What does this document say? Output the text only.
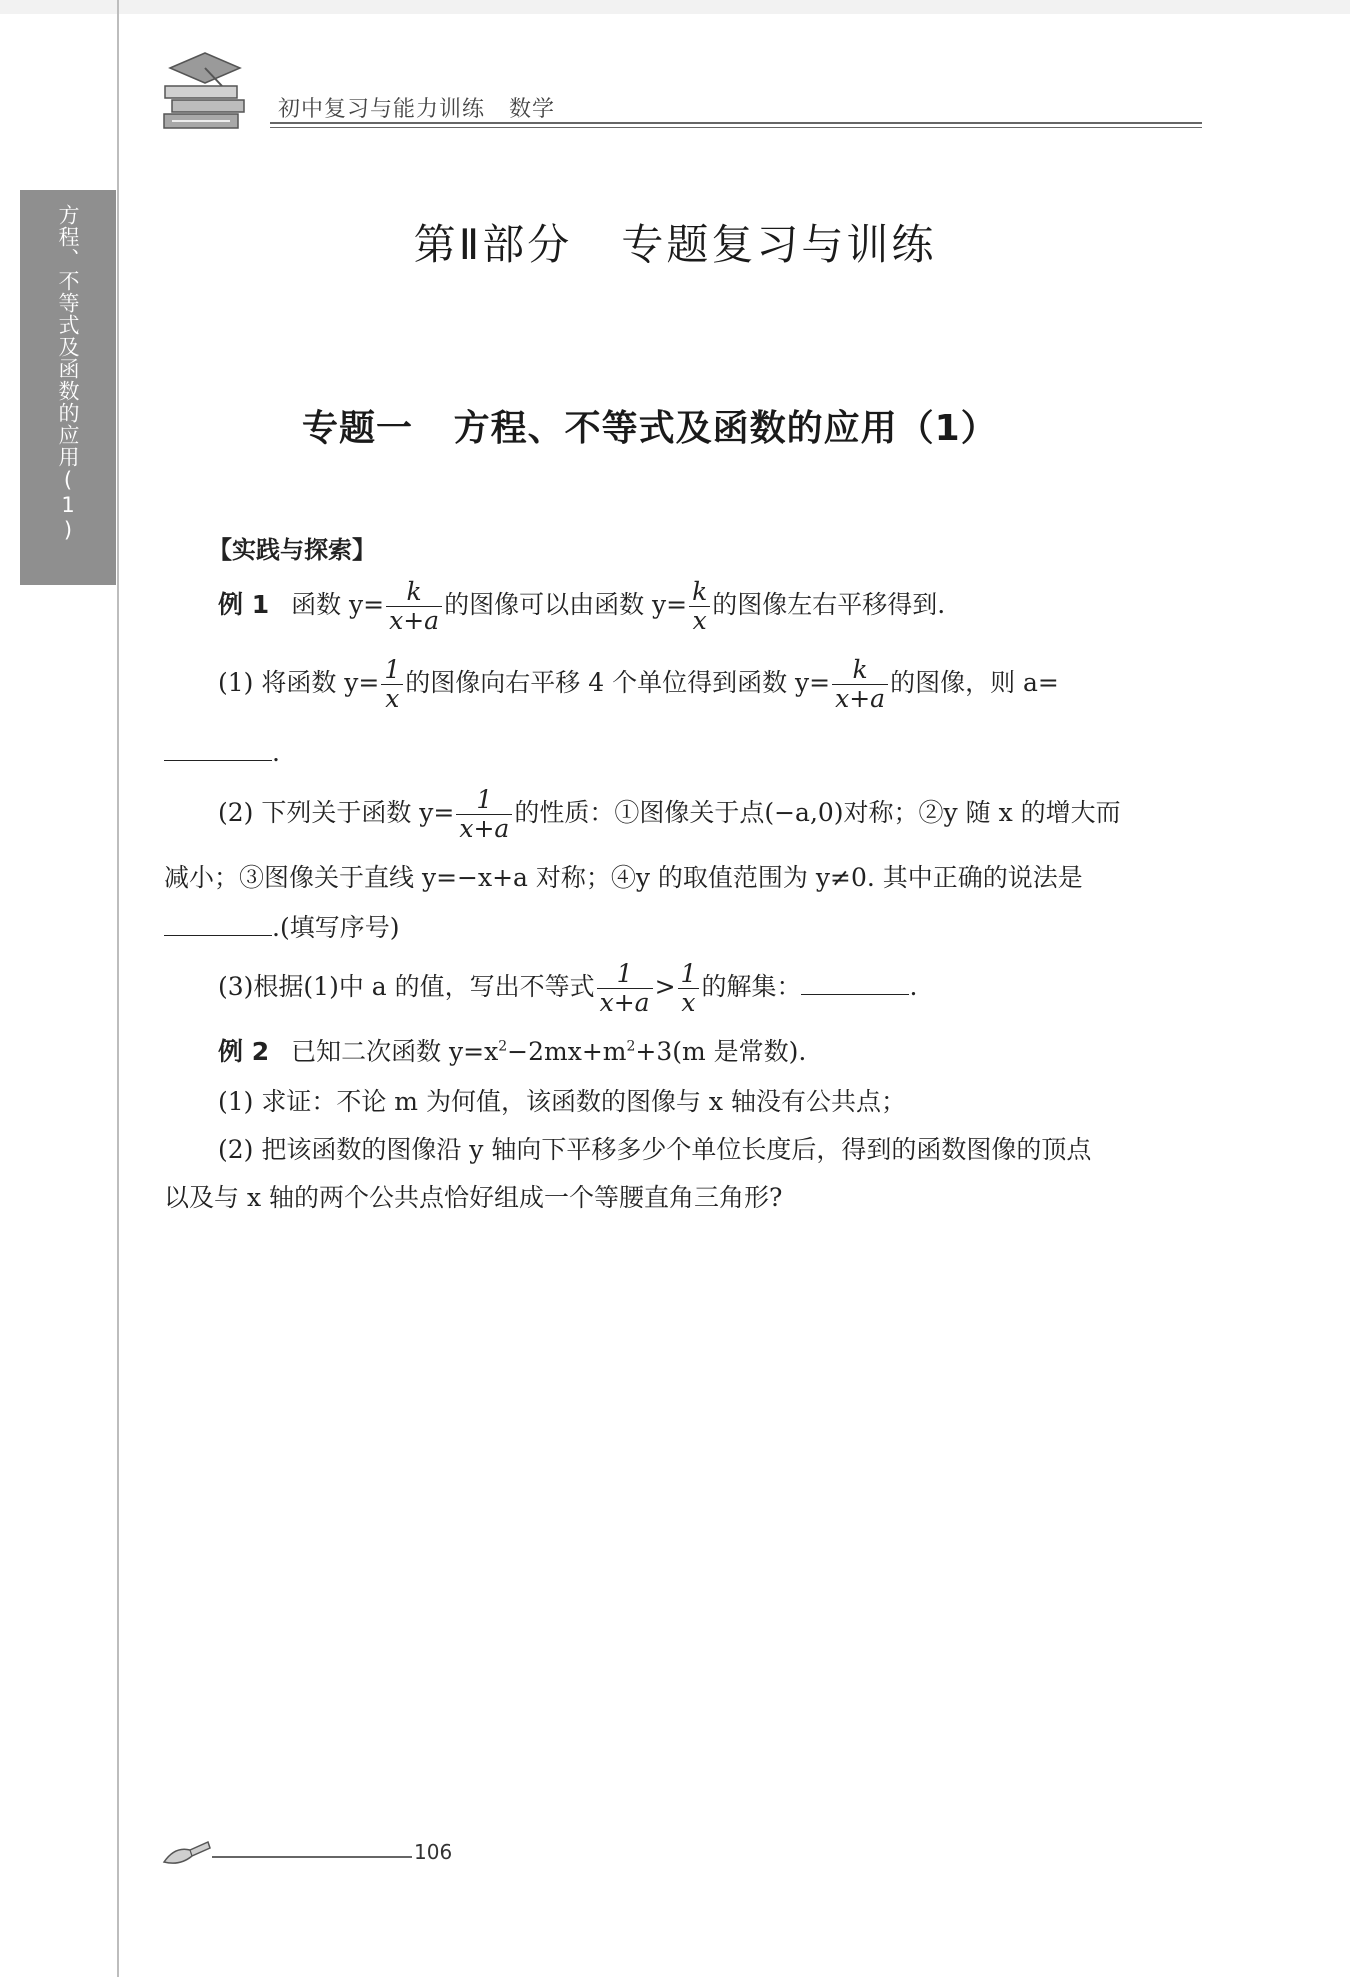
方程、不等式及函数的应用(1)
初中复习与能力训练   数学
第Ⅱ部分   专题复习与训练
专题一   方程、不等式及函数的应用（1）
【实践与探索】
例 1 函数 $y= \frac{k}{x+a}$ 的图像可以由函数 $y= \frac{k}{x}$ 的图像左右平移得到.
(1) 将函数 $y= \frac{1}{x}$ 的图像向右平移 4 个单位得到函数 $y= \frac{k}{x+a}$ 的图像，则 a=
.
(2) 下列关于函数 $y= \frac{1}{x+a}$ 的性质：①图像关于点(−a,0)对称；②y 随 x 的增大而
减小；③图像关于直线 y=−x+a 对称；④y 的取值范围为 y≠0. 其中正确的说法是
.(填写序号)
(3)根据(1)中 a 的值，写出不等式 $\frac{1}{x+a} > \frac{1}{x}$ 的解集：	.
例 2 已知二次函数 $y=x^2-2mx+m^2+3(m$ 是常数).
(1) 求证：不论 m 为何值，该函数的图像与 x 轴没有公共点；
(2) 把该函数的图像沿 y 轴向下平移多少个单位长度后，得到的函数图像的顶点
以及与 x 轴的两个公共点恰好组成一个等腰直角三角形?
106
